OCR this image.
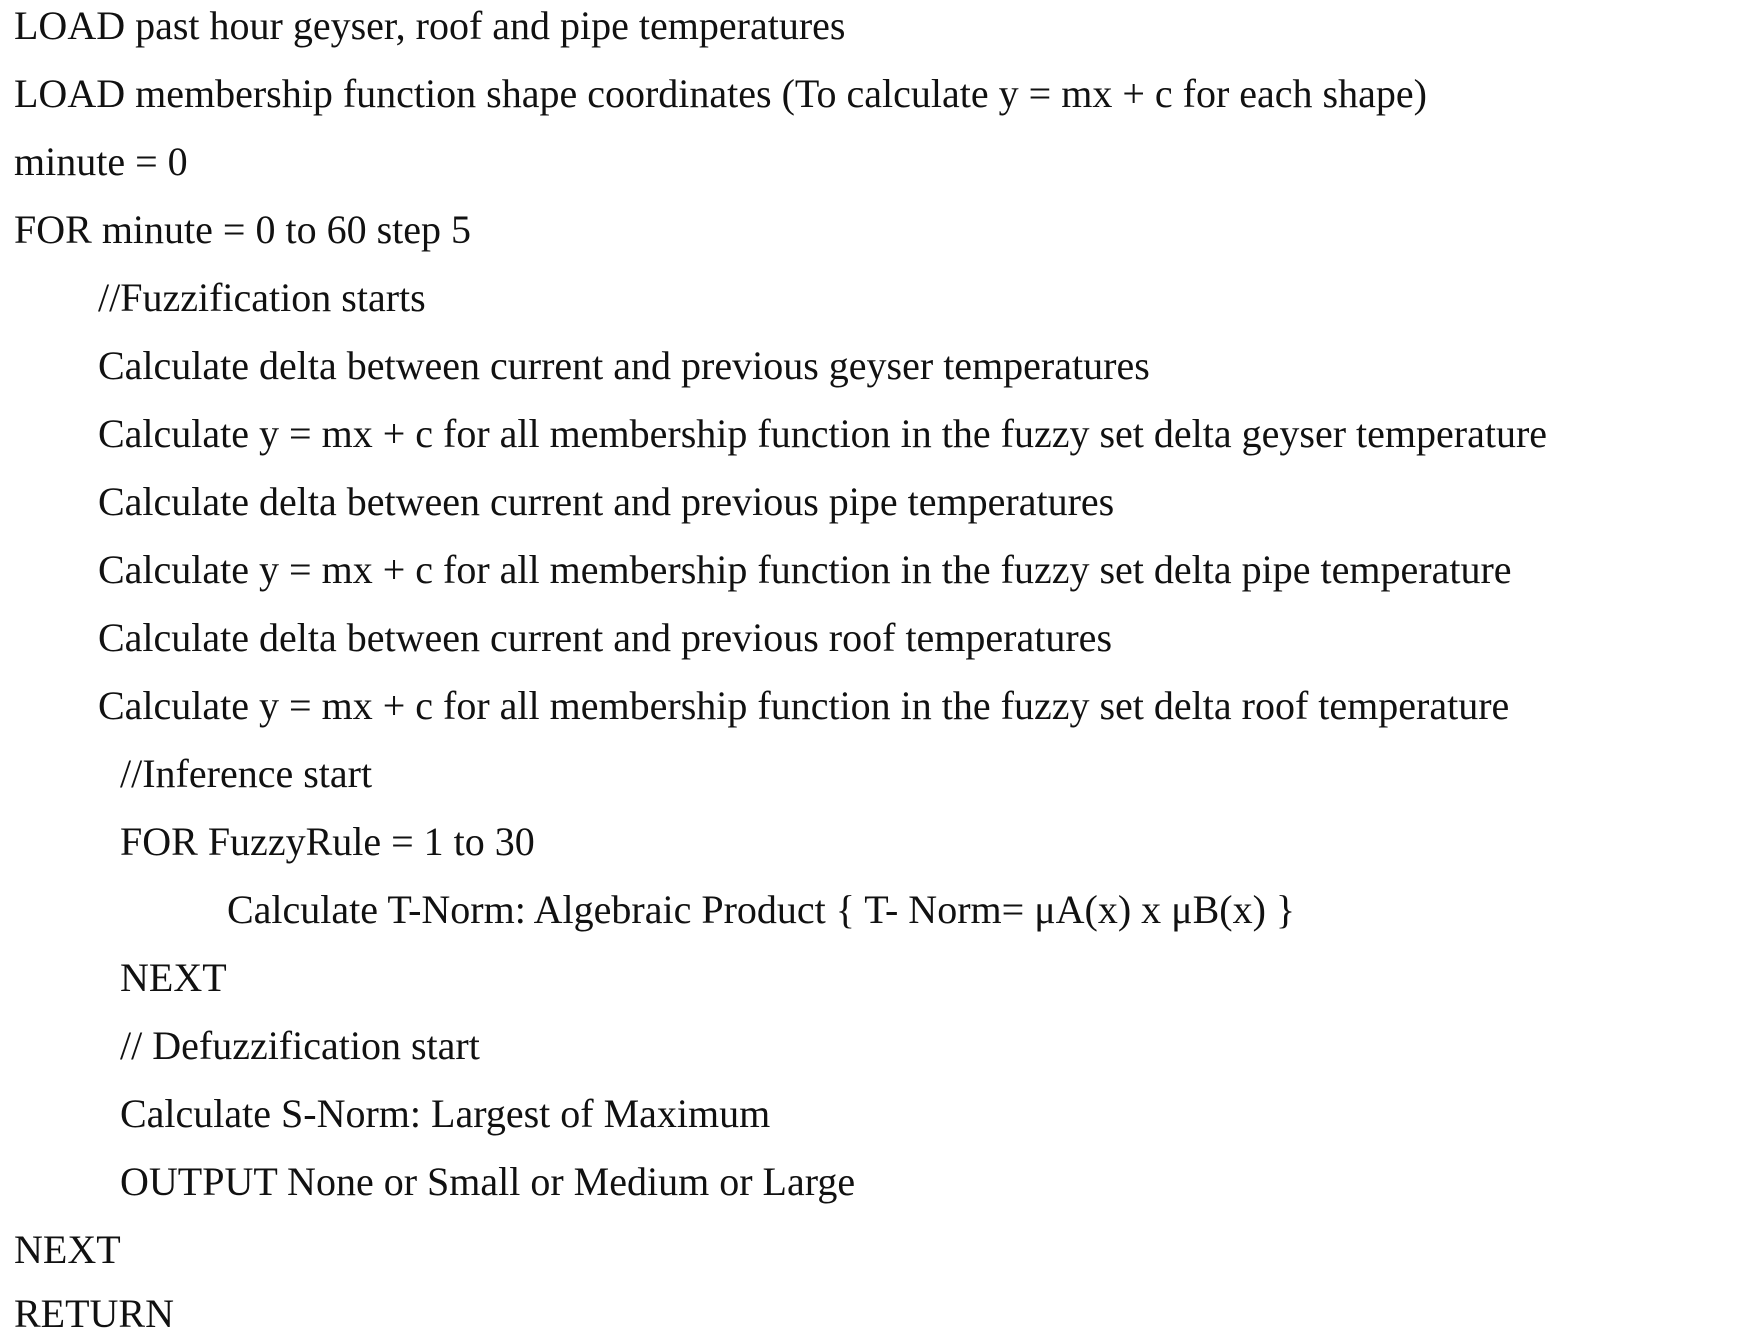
LOAD past hour geyser, roof and pipe temperatures
LOAD membership function shape coordinates (To calculate y = mx + c for each shape)
minute = 0
FOR minute = 0 to 60 step 5
//Fuzzification starts
Calculate delta between current and previous geyser temperatures
Calculate y = mx + c for all membership function in the fuzzy set delta geyser temperature
Calculate delta between current and previous pipe temperatures
Calculate y = mx + c for all membership function in the fuzzy set delta pipe temperature
Calculate delta between current and previous roof temperatures
Calculate y = mx + c for all membership function in the fuzzy set delta roof temperature
//Inference start
FOR FuzzyRule = 1 to 30
Calculate T-Norm: Algebraic Product { T- Norm= μA(x) x μB(x) }
NEXT
// Defuzzification start
Calculate S-Norm: Largest of Maximum
OUTPUT None or Small or Medium or Large
NEXT
RETURN
